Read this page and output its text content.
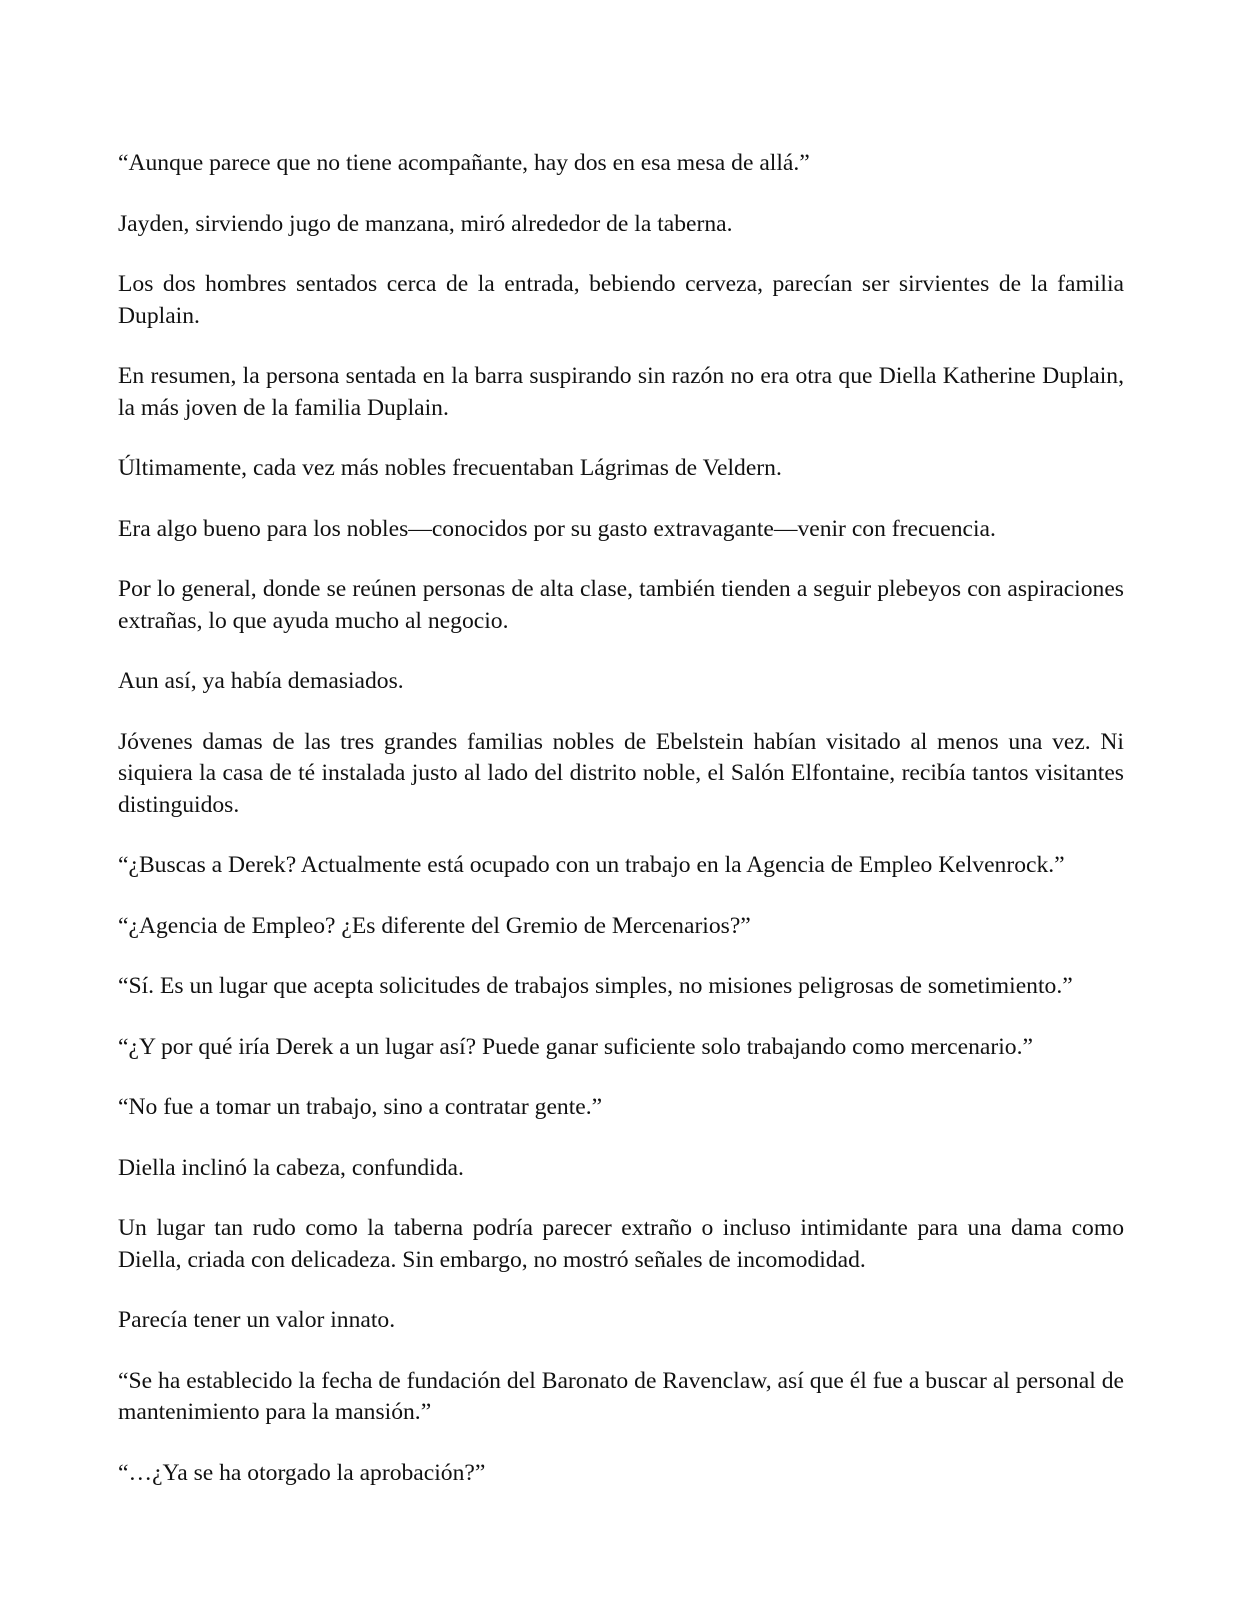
“Aunque parece que no tiene acompañante, hay dos en esa mesa de allá.”

Jayden, sirviendo jugo de manzana, miró alrededor de la taberna.

Los dos hombres sentados cerca de la entrada, bebiendo cerveza, parecían ser sirvientes de la familia Duplain.

En resumen, la persona sentada en la barra suspirando sin razón no era otra que Diella Katherine Duplain, la más joven de la familia Duplain.

Últimamente, cada vez más nobles frecuentaban Lágrimas de Veldern.

Era algo bueno para los nobles—conocidos por su gasto extravagante—venir con frecuencia.

Por lo general, donde se reúnen personas de alta clase, también tienden a seguir plebeyos con aspiraciones extrañas, lo que ayuda mucho al negocio.

Aun así, ya había demasiados.

Jóvenes damas de las tres grandes familias nobles de Ebelstein habían visitado al menos una vez. Ni siquiera la casa de té instalada justo al lado del distrito noble, el Salón Elfontaine, recibía tantos visitantes distinguidos.

“¿Buscas a Derek? Actualmente está ocupado con un trabajo en la Agencia de Empleo Kelvenrock.”

“¿Agencia de Empleo? ¿Es diferente del Gremio de Mercenarios?”

“Sí. Es un lugar que acepta solicitudes de trabajos simples, no misiones peligrosas de sometimiento.”

“¿Y por qué iría Derek a un lugar así? Puede ganar suficiente solo trabajando como mercenario.”

“No fue a tomar un trabajo, sino a contratar gente.”

Diella inclinó la cabeza, confundida.

Un lugar tan rudo como la taberna podría parecer extraño o incluso intimidante para una dama como Diella, criada con delicadeza. Sin embargo, no mostró señales de incomodidad.

Parecía tener un valor innato.

“Se ha establecido la fecha de fundación del Baronato de Ravenclaw, así que él fue a buscar al personal de mantenimiento para la mansión.”

“…¿Ya se ha otorgado la aprobación?”
